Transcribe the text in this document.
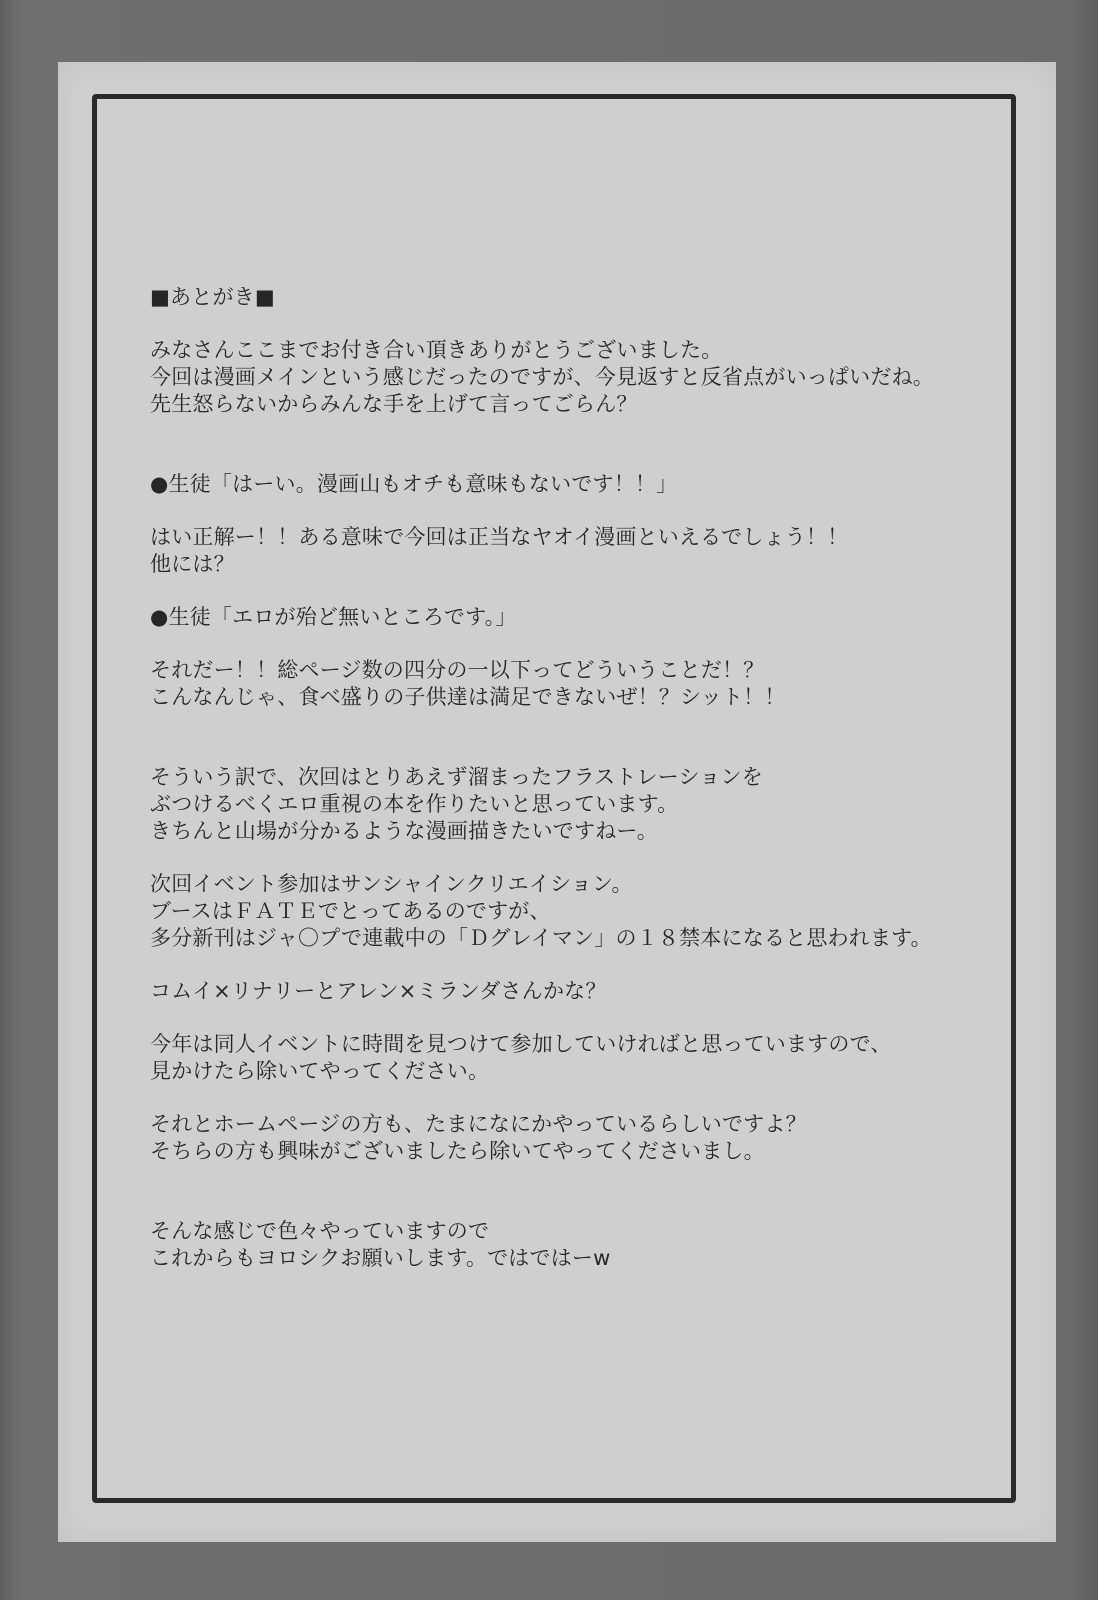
■あとがき■
みなさんここまでお付き合い頂きありがとうございました。
今回は漫画メインという感じだったのですが、今見返すと反省点がいっぱいだね。
先生怒らないからみんな手を上げて言ってごらん？
●生徒「はーい。漫画山もオチも意味もないです！！」
はい正解ー！！ある意味で今回は正当なヤオイ漫画といえるでしょう！！
他には？
●生徒「エロが殆ど無いところです。」
それだー！！総ページ数の四分の一以下ってどういうことだ！？
こんなんじゃ、食べ盛りの子供達は満足できないぜ！？シット！！
そういう訳で、次回はとりあえず溜まったフラストレーションを
ぶつけるべくエロ重視の本を作りたいと思っています。
きちんと山場が分かるような漫画描きたいですねー。
次回イベント参加はサンシャインクリエイション。
ブースはＦＡＴＥでとってあるのですが、
多分新刊はジャ〇プで連載中の「Ｄグレイマン」の１８禁本になると思われます。
コムイ×リナリーとアレン×ミランダさんかな？
今年は同人イベントに時間を見つけて参加していければと思っていますので、
見かけたら除いてやってください。
それとホームページの方も、たまになにかやっているらしいですよ？
そちらの方も興味がございましたら除いてやってくださいまし。
そんな感じで色々やっていますので
これからもヨロシクお願いします。ではではーw
